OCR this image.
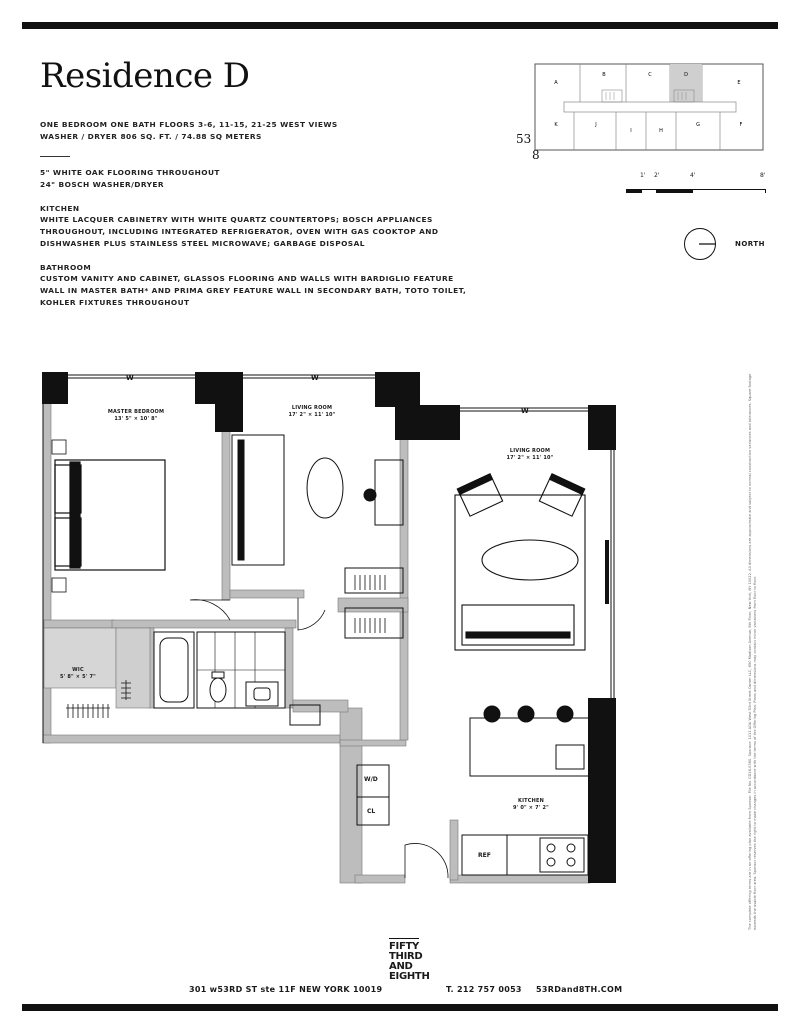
Residence D
ONE BEDROOM ONE BATH FLOORS 3-6, 11-15, 21-25 WEST VIEWS
WASHER / DRYER 806 SQ. FT. / 74.88 SQ METERS
5" WHITE OAK FLOORING THROUGHOUT
24" BOSCH WASHER/DRYER
KITCHEN
WHITE LACQUER CABINETRY WITH WHITE QUARTZ COUNTERTOPS; BOSCH APPLIANCES
THROUGHOUT, INCLUDING INTEGRATED REFRIGERATOR, OVEN WITH GAS COOKTOP AND
DISHWASHER PLUS STAINLESS STEEL MICROWAVE; GARBAGE DISPOSAL
BATHROOM
CUSTOM VANITY AND CABINET, GLASSOS FLOORING AND WALLS WITH BARDIGLIO FEATURE
WALL IN MASTER BATH* AND PRIMA GREY FEATURE WALL IN SECONDARY BATH, TOTO TOILET,
KOHLER FIXTURES THROUGHOUT
A
B	C	D
E
K	J
I	H
G	F
53
8
1' 2'	4'	8'
NORTH
MASTER BEDROOM
13' 5" × 10' 8"
LIVING ROOM
17' 2" × 11' 10"
LIVING ROOM
17' 2" × 11' 10"
WIC
5' 8" × 5' 7"
KITCHEN
9' 0" × 7' 2"
W	W
W
W/D
CL
REF	The complete offering terms are in an offering plan available from Sponsor. File No. CD16-0360. Sponsor: 1011 AOA West 53rd Street Owner LLC, 650 Madison Avenue, 8th Floor, New York, NY 10022. All dimensions are approximate and subject to normal construction variances and tolerances. Square footage exceeds the usable floor area. Sponsor reserves the right to make changes in accordance with the terms of the Offering Plan. Plans and dimensions may contain minor variations from floor to floor.
FIFTY
THIRD
AND
EIGHTH
301 w53RD ST ste 11F NEW YORK 10019	T. 212 757 0053 53RDand8TH.COM
